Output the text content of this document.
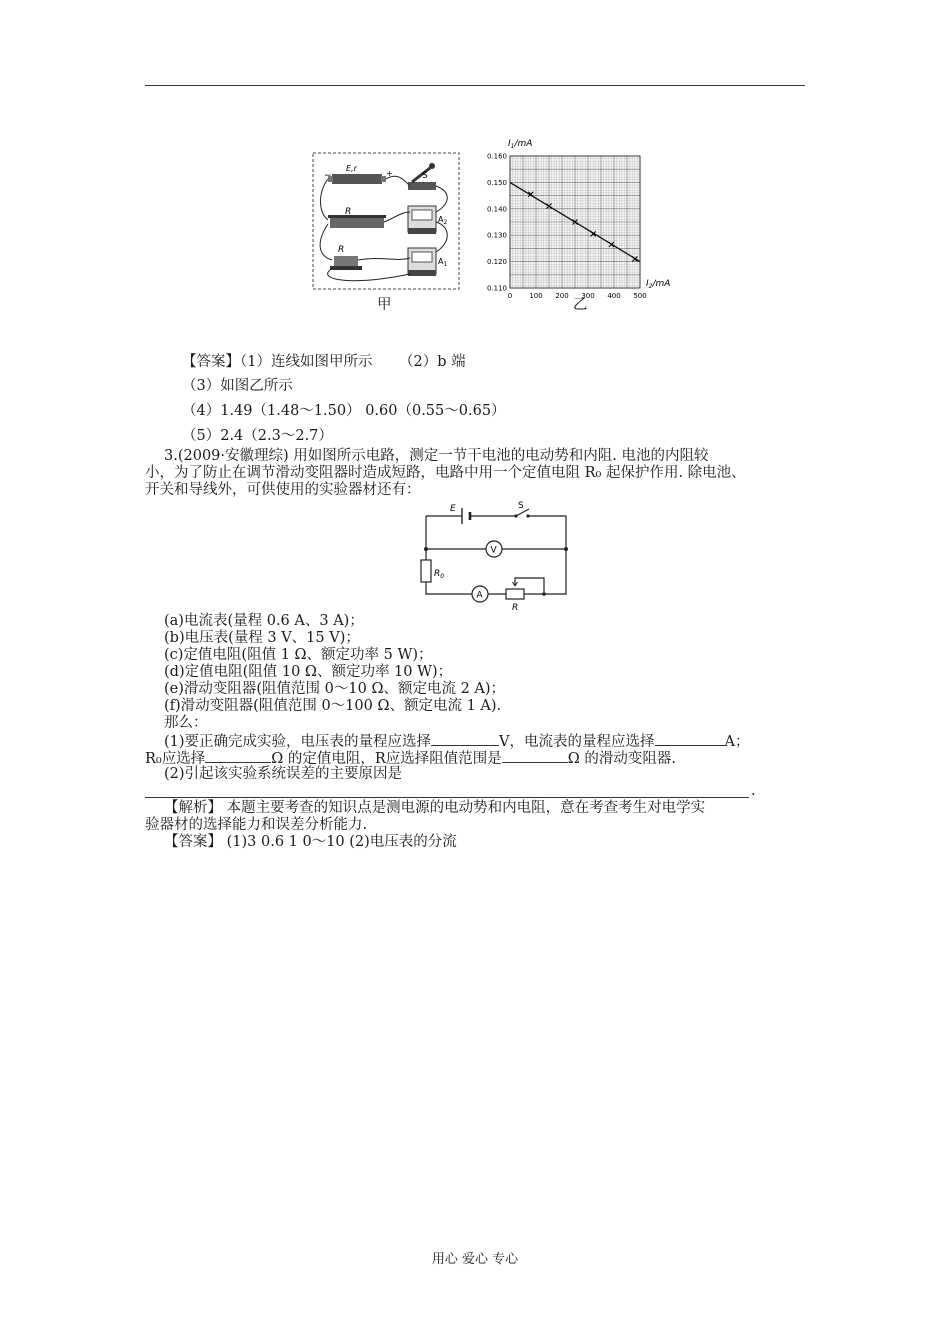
E,r
−	+	S
R
$A_2$
R
$A_1$
甲
0 100 200 300 400 500
0.110
0.120
0.130
0.140
0.150
0.160
$I_1/mA$
$I_2/mA$
乙
【答案】（1）连线如图甲所示 （2）b 端
（3）如图乙所示
（4）1.49（1.48～1.50） 0.60（0.55～0.65）
（5）2.4（2.3～2.7）
3.(2009·安徽理综) 用如图所示电路，测定一节干电池的电动势和内阻. 电池的内阻较
小，为了防止在调节滑动变阻器时造成短路，电路中用一个定值电阻 R₀ 起保护作用. 除电池、
开关和导线外，可供使用的实验器材还有：
E	S
V
$R_0$
A
R
(a)电流表(量程 0.6 A、3 A)；
(b)电压表(量程 3 V、15 V)；
(c)定值电阻(阻值 1 Ω、额定功率 5 W)；
(d)定值电阻(阻值 10 Ω、额定功率 10 W)；
(e)滑动变阻器(阻值范围 0～10 Ω、额定电流 2 A)；
(f)滑动变阻器(阻值范围 0～100 Ω、额定电流 1 A).
那么：
(1)要正确完成实验，电压表的量程应选择	V，电流表的量程应选择	A；
R₀应选择	Ω 的定值电阻，R应选择阻值范围是	Ω 的滑动变阻器.
(2)引起该实验系统误差的主要原因是
.
【解析】 本题主要考查的知识点是测电源的电动势和内电阻，意在考查考生对电学实
验器材的选择能力和误差分析能力.
【答案】 (1)3 0.6 1 0～10 (2)电压表的分流
用心 爱心 专心
